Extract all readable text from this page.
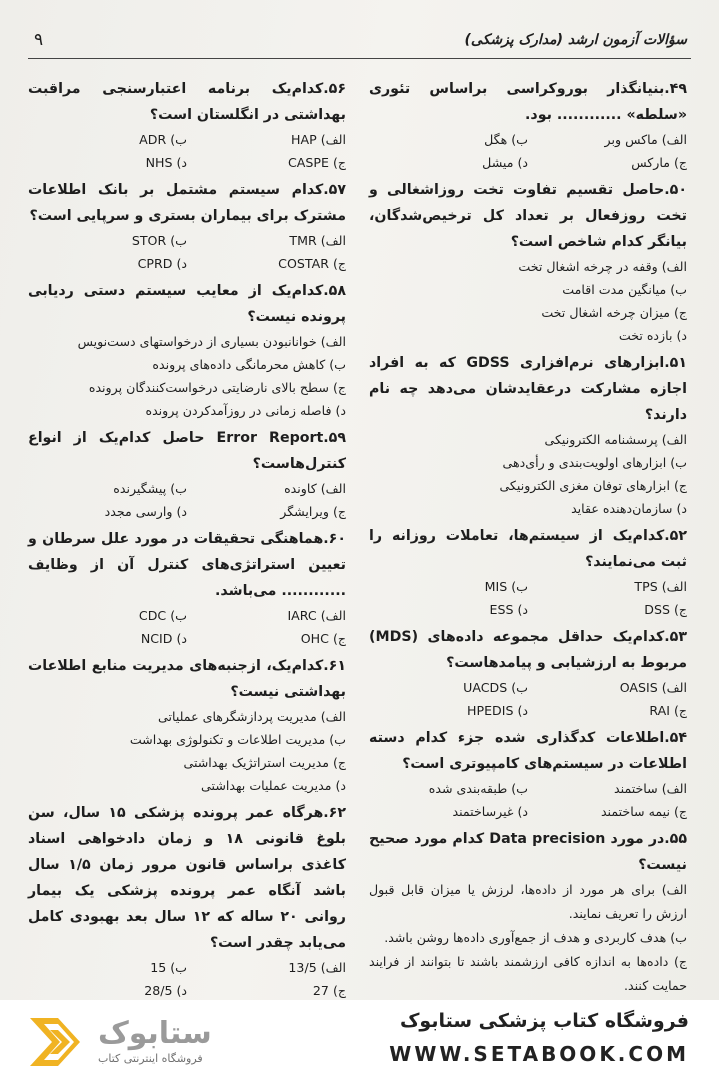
سؤالات آزمون ارشد (مدارک پزشکی)
۹

۴۹.بنیانگذار بوروکراسی براساس تئوری «سلطه» ............ بود.

الف) ماکس وبر

ب) هگل

ج) مارکس

د) میشل

۵۰.حاصل تقسیم تفاوت تخت روزاشغالی و تخت روزفعال بر تعداد کل ترخیص‌شدگان، بیانگر کدام شاخص است؟

الف) وقفه در چرخه اشغال تخت

ب) میانگین مدت اقامت

ج) میزان چرخه اشغال تخت

د) بازده تخت

۵۱.ابزارهای نرم‌افزاری GDSS که به افراد اجازه مشارکت درعقایدشان می‌دهد چه نام دارند؟

الف) پرسشنامه الکترونیکی

ب) ابزارهای اولویت‌بندی و رأی‌دهی

ج) ابزارهای توفان مغزی الکترونیکی

د) سازمان‌دهنده عقاید

۵۲.کدام‌یک از سیستم‌ها، تعاملات روزانه را ثبت می‌نمایند؟

الف) TPS

ب) MIS

ج) DSS

د) ESS

۵۳.کدام‌یک حداقل مجموعه داده‌های (MDS) مربوط به ارزشیابی و پیامدهاست؟

الف) OASIS

ب) UACDS

ج) RAI

د) HPEDIS

۵۴.اطلاعات کدگذاری شده جزء کدام دسته اطلاعات در سیستم‌های کامپیوتری است؟

الف) ساختمند

ب) طبقه‌بندی شده

ج) نیمه ساختمند

د) غیرساختمند

۵۵.در مورد Data precision کدام مورد صحیح نیست؟

الف) برای هر مورد از داده‌ها، لرزش یا میزان قابل قبول ارزش را تعریف نمایند.

ب) هدف کاربردی و هدف از جمع‌آوری داده‌ها روشن باشد.

ج) داده‌ها به اندازه کافی ارزشمند باشند تا بتوانند از فرایند حمایت کنند.

۵۶.کدام‌یک برنامه اعتبارسنجی مراقبت بهداشتی در انگلستان است؟

الف) HAP

ب) ADR

ج) CASPE

د) NHS

۵۷.کدام سیستم مشتمل بر بانک اطلاعات مشترک برای بیماران بستری و سرپایی است؟

الف) TMR

ب) STOR

ج) COSTAR

د) CPRD

۵۸.کدام‌یک از معایب سیستم دستی ردیابی پرونده نیست؟

الف) خوانانبودن بسیاری از درخواستهای دست‌نویس

ب) کاهش محرمانگی داده‌های پرونده

ج) سطح بالای نارضایتی درخواست‌کنندگان پرونده

د) فاصله زمانی در روزآمدکردن پرونده

۵۹.Error Report حاصل کدام‌یک از انواع کنترل‌هاست؟

الف) کاونده

ب) پیشگیرنده

ج) ویرایشگر

د) وارسی مجدد

۶۰.هماهنگی تحقیقات در مورد علل سرطان و تعیین استراتژی‌های کنترل آن از وظایف ............ می‌باشد.

الف) IARC

ب) CDC

ج) OHC

د) NCID

۶۱.کدام‌یک، ازجنبه‌های مدیریت منابع اطلاعات بهداشتی نیست؟

الف) مدیریت پردازشگرهای عملیاتی

ب) مدیریت اطلاعات و تکنولوژی بهداشت

ج) مدیریت استراتژیک بهداشتی

د) مدیریت عملیات بهداشتی

۶۲.هرگاه عمر پرونده پزشکی ۱۵ سال، سن بلوغ قانونی ۱۸ و زمان دادخواهی اسناد کاغذی براساس قانون مرور زمان ۱/۵ سال باشد آنگاه عمر پرونده پزشکی یک بیمار روانی ۲۰ ساله که ۱۲ سال بعد بهبودی کامل می‌یابد چقدر است؟

الف) 13/5

ب) 15

ج) 27

د) 28/5

ستابوک
فروشگاه اینترنتی کتاب
فروشگاه کتاب پزشکی ستابوک
WWW.SETABOOK.COM
